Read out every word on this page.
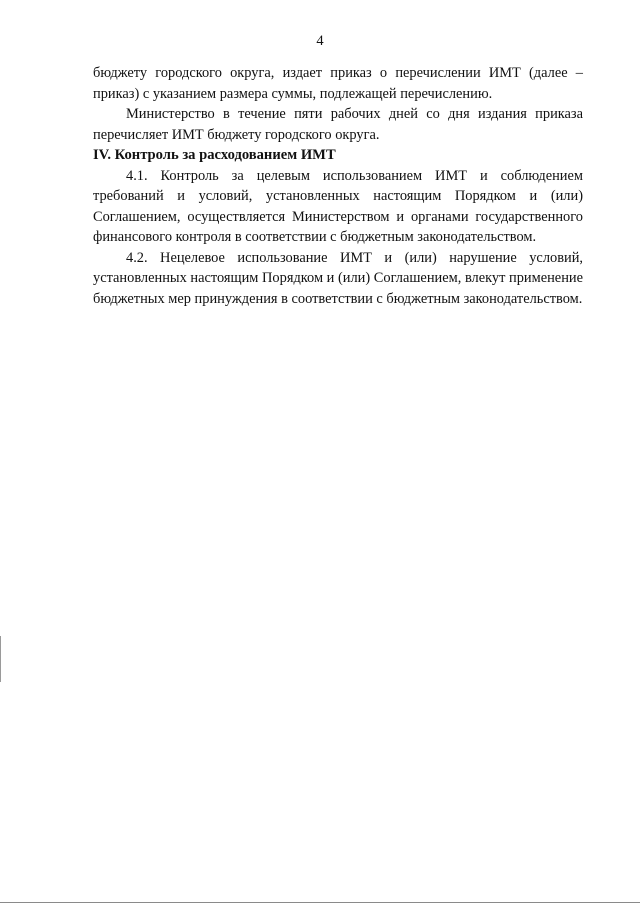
4

бюджету городского округа, издает приказ о перечислении ИМТ (далее – приказ) с указанием размера суммы, подлежащей перечислению.

Министерство в течение пяти рабочих дней со дня издания приказа перечисляет ИМТ бюджету городского округа.

IV. Контроль за расходованием ИМТ

4.1. Контроль за целевым использованием ИМТ и соблюдением требований и условий, установленных настоящим Порядком и (или) Соглашением, осуществляется Министерством и органами государственного финансового контроля в соответствии с бюджетным законодательством.

4.2. Нецелевое использование ИМТ и (или) нарушение условий, установленных настоящим Порядком и (или) Соглашением, влекут применение бюджетных мер принуждения в соответствии с бюджетным законодательством.
